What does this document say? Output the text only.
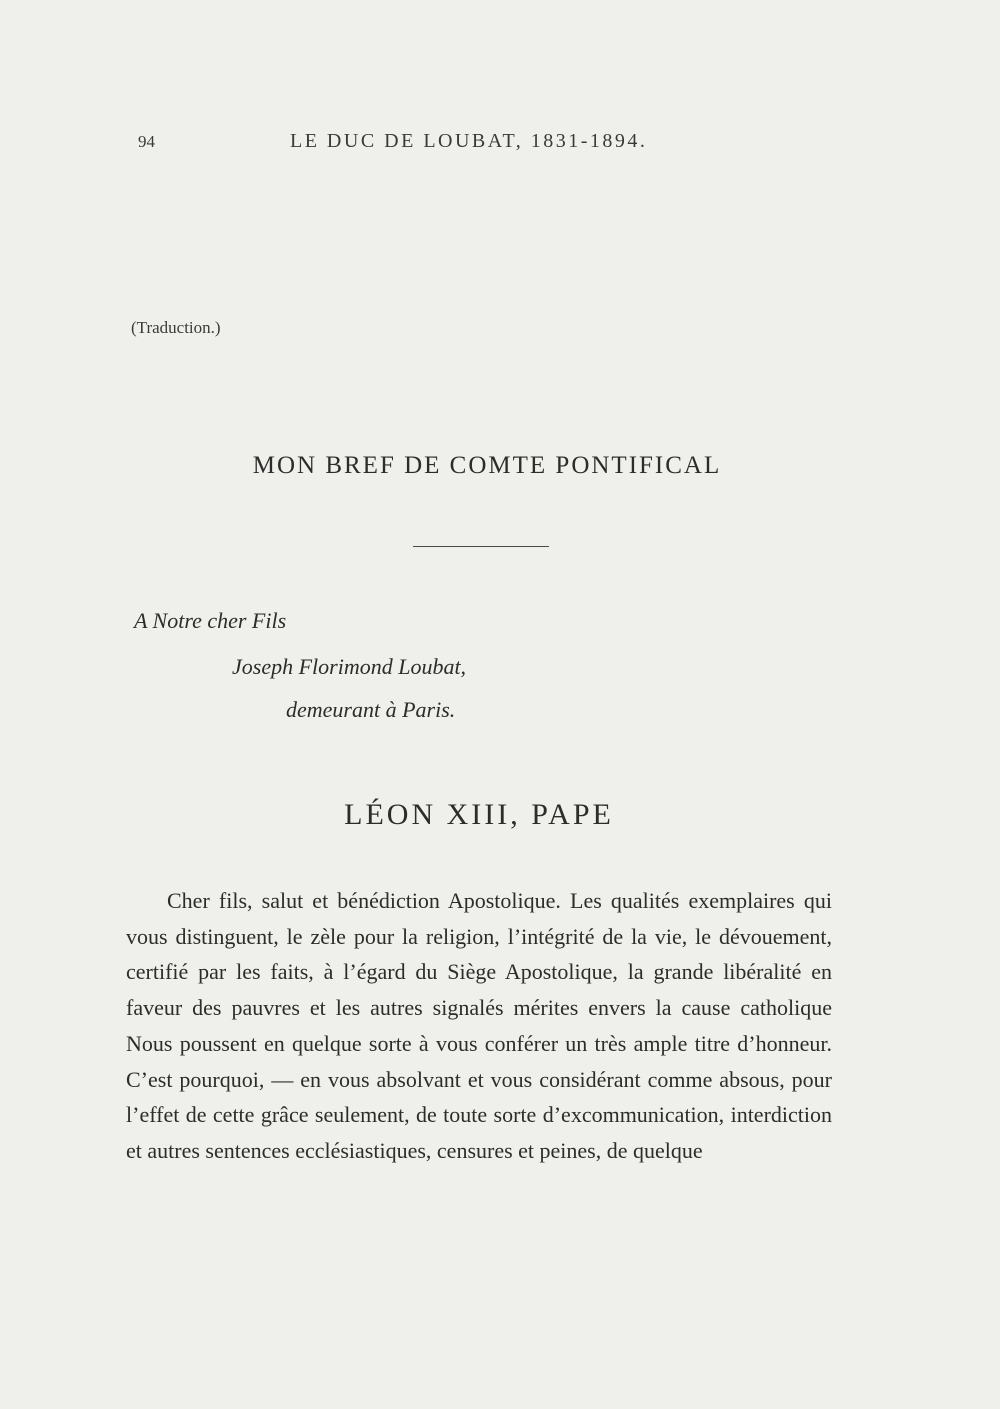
94	LE DUC DE LOUBAT, 1831-1894.
(Traduction.)
MON BREF DE COMTE PONTIFICAL
A Notre cher Fils
Joseph Florimond Loubat,
demeurant à Paris.
LÉON XIII, PAPE

Cher fils, salut et bénédiction Apostolique. Les qualités exemplaires qui vous distinguent, le zèle pour la religion, l’intégrité de la vie, le dévouement, certifié par les faits, à l’égard du Siège Apostolique, la grande libéralité en faveur des pauvres et les autres signalés mérites envers la cause catholique Nous poussent en quelque sorte à vous conférer un très ample titre d’honneur. C’est pourquoi, — en vous absolvant et vous considérant comme absous, pour l’effet de cette grâce seulement, de toute sorte d’excommunication, interdiction et autres sentences ecclésiastiques, censures et peines, de quelque
